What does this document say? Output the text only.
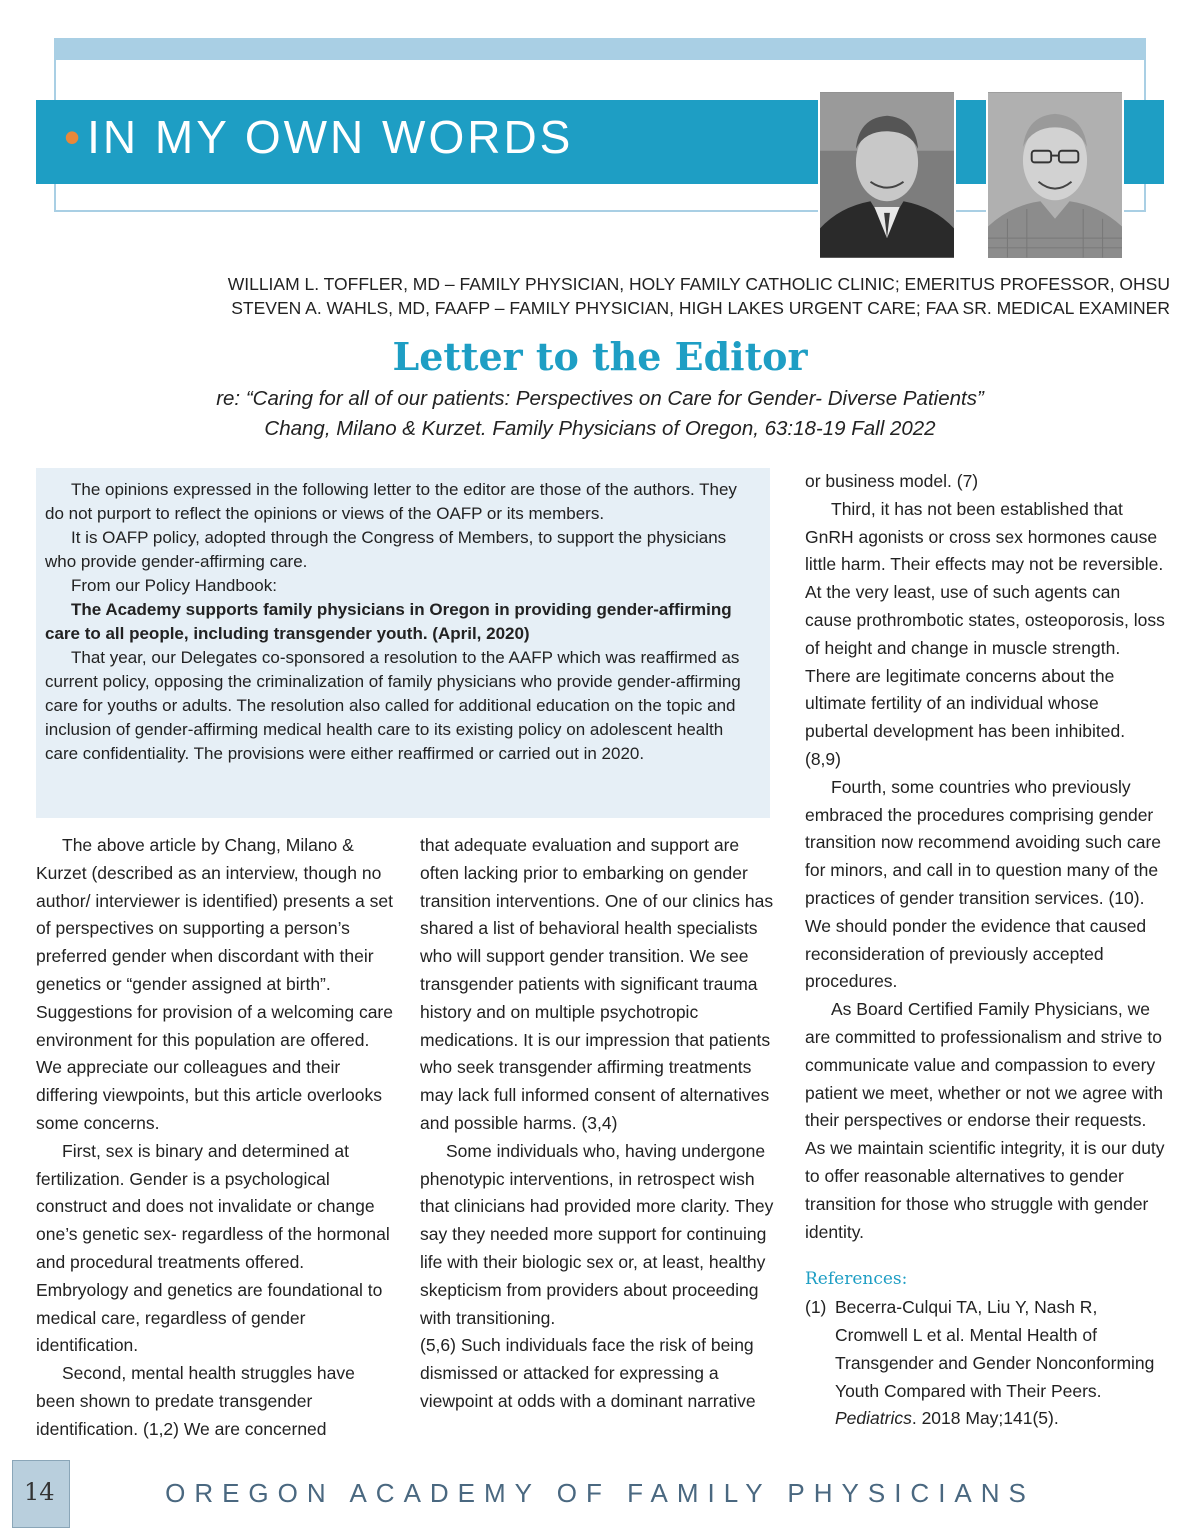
•IN MY OWN WORDS
WILLIAM L. TOFFLER, MD – FAMILY PHYSICIAN, HOLY FAMILY CATHOLIC CLINIC; EMERITUS PROFESSOR, OHSU
STEVEN A. WAHLS, MD, FAAFP – FAMILY PHYSICIAN, HIGH LAKES URGENT CARE; FAA SR. MEDICAL EXAMINER
Letter to the Editor
re: “Caring for all of our patients: Perspectives on Care for Gender- Diverse Patients”
Chang, Milano & Kurzet. Family Physicians of Oregon, 63:18-19 Fall 2022

The opinions expressed in the following letter to the editor are those of the authors. They do not purport to reflect the opinions or views of the OAFP or its members.

It is OAFP policy, adopted through the Congress of Members, to support the physicians who provide gender-affirming care.

From our Policy Handbook:

The Academy supports family physicians in Oregon in providing gender-affirming care to all people, including transgender youth. (April, 2020)

That year, our Delegates co-sponsored a resolution to the AAFP which was reaffirmed as current policy, opposing the criminalization of family physicians who provide gender-affirming care for youths or adults. The resolution also called for additional education on the topic and inclusion of gender-affirming medical health care to its existing policy on adolescent health care confidentiality. The provisions were either reaffirmed or carried out in 2020.

The above article by Chang, Milano & Kurzet (described as an interview, though no author/ interviewer is identified) presents a set of perspectives on supporting a person’s preferred gender when discordant with their genetics or “gender assigned at birth”. Suggestions for provision of a welcoming care environment for this population are offered. We appreciate our colleagues and their differing viewpoints, but this article overlooks some concerns.

First, sex is binary and determined at fertilization. Gender is a psychological construct and does not invalidate or change one’s genetic sex- regardless of the hormonal and procedural treatments offered. Embryology and genetics are foundational to medical care, regardless of gender identification.

Second, mental health struggles have been shown to predate transgender identification. (1,2) We are concerned

that adequate evaluation and support are often lacking prior to embarking on gender transition interventions. One of our clinics has shared a list of behavioral health specialists who will support gender transition. We see transgender patients with significant trauma history and on multiple psychotropic medications. It is our impression that patients who seek transgender affirming treatments may lack full informed consent of alternatives and possible harms. (3,4)

Some individuals who, having undergone phenotypic interventions, in retrospect wish that clinicians had provided more clarity. They say they needed more support for continuing life with their biologic sex or, at least, healthy skepticism from providers about proceeding with transitioning.

(5,6) Such individuals face the risk of being dismissed or attacked for expressing a viewpoint at odds with a dominant narrative

or business model. (7)

Third, it has not been established that GnRH agonists or cross sex hormones cause little harm. Their effects may not be reversible. At the very least, use of such agents can cause prothrombotic states, osteoporosis, loss of height and change in muscle strength. There are legitimate concerns about the ultimate fertility of an individual whose pubertal development has been inhibited. (8,9)

Fourth, some countries who previously embraced the procedures comprising gender transition now recommend avoiding such care for minors, and call in to question many of the practices of gender transition services. (10). We should ponder the evidence that caused reconsideration of previously accepted procedures.

As Board Certified Family Physicians, we are committed to professionalism and strive to communicate value and compassion to every patient we meet, whether or not we agree with their perspectives or endorse their requests. As we maintain scientific integrity, it is our duty to offer reasonable alternatives to gender transition for those who struggle with gender identity.

References:
(1) Becerra-Culqui TA, Liu Y, Nash R, Cromwell L et al. Mental Health of Transgender and Gender Nonconforming Youth Compared with Their Peers. Pediatrics. 2018 May;141(5).
14	OREGON ACADEMY OF FAMILY PHYSICIANS
